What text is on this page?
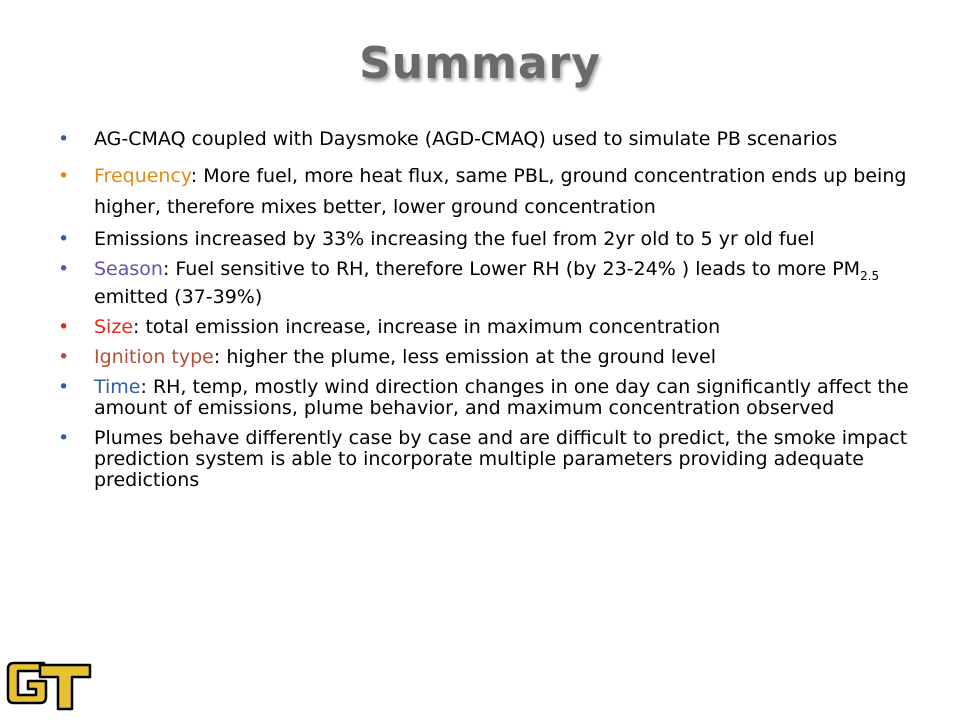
Summary
• AG-CMAQ coupled with Daysmoke (AGD-CMAQ) used to simulate PB scenarios
• Frequency: More fuel, more heat flux, same PBL, ground concentration ends up being higher, therefore mixes better, lower ground concentration
• Emissions increased by 33% increasing the fuel from 2yr old to 5 yr old fuel
• Season: Fuel sensitive to RH, therefore Lower RH (by 23-24% ) leads to more $PM_{2.5}$ emitted (37-39%)
• Size: total emission increase, increase in maximum concentration
• Ignition type: higher the plume, less emission at the ground level
• Time: RH, temp, mostly wind direction changes in one day can significantly affect the amount of emissions, plume behavior, and maximum concentration observed
• Plumes behave differently case by case and are difficult to predict, the smoke impact prediction system is able to incorporate multiple parameters providing adequate predictions
